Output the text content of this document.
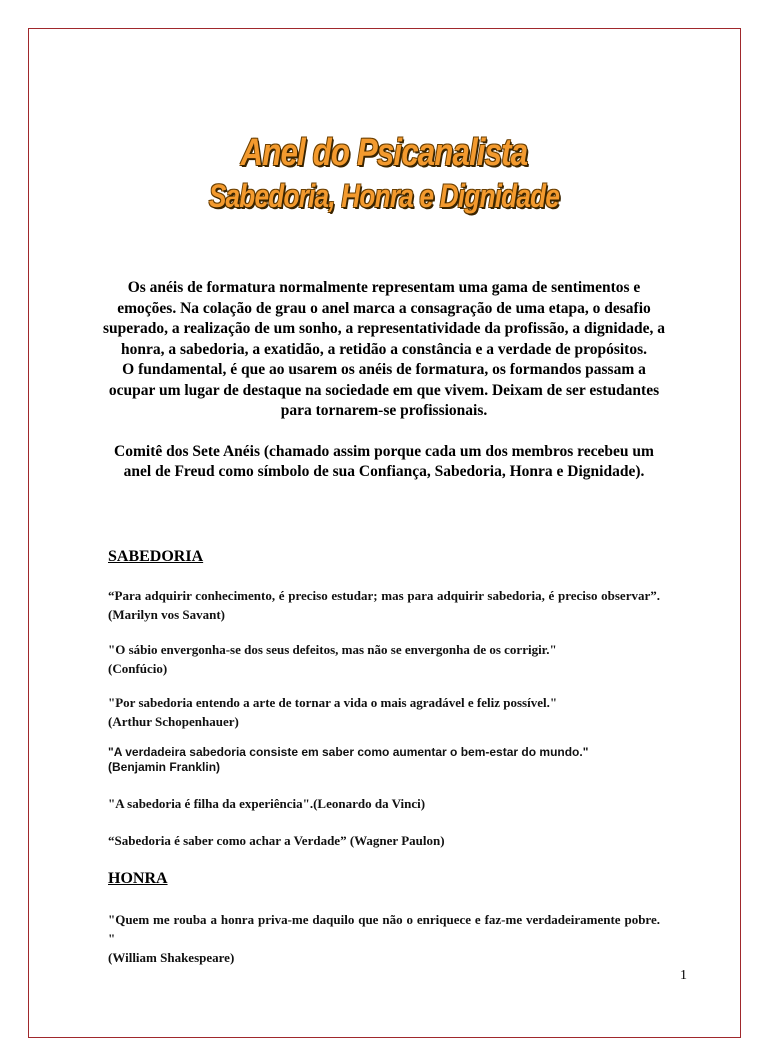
Anel do Psicanalista
Sabedoria, Honra e Dignidade

Os anéis de formatura normalmente representam uma gama de sentimentos e emoções. Na colação de grau o anel marca a consagração de uma etapa, o desafio superado, a realização de um sonho, a representatividade da profissão, a dignidade, a honra, a sabedoria, a exatidão, a retidão a constância e a verdade de propósitos.

O fundamental, é que ao usarem os anéis de formatura, os formandos passam a ocupar um lugar de destaque na sociedade em que vivem. Deixam de ser estudantes para tornarem-se profissionais.

Comitê dos Sete Anéis (chamado assim porque cada um dos membros recebeu um anel de Freud como símbolo de sua Confiança, Sabedoria, Honra e Dignidade).

SABEDORIA
“Para adquirir conhecimento, é preciso estudar; mas para adquirir sabedoria, é preciso observar”.(Marilyn vos Savant)
"O sábio envergonha-se dos seus defeitos, mas não se envergonha de os corrigir."
(Confúcio)
"Por sabedoria entendo a arte de tornar a vida o mais agradável e feliz possível."
(Arthur Schopenhauer)
"A verdadeira sabedoria consiste em saber como aumentar o bem-estar do mundo."
(Benjamin Franklin)
"A sabedoria é filha da experiência".(Leonardo da Vinci)
“Sabedoria é saber como achar a Verdade” (Wagner Paulon)
HONRA
"Quem me rouba a honra priva-me daquilo que não o enriquece e faz-me verdadeiramente pobre. "
(William Shakespeare)
1
